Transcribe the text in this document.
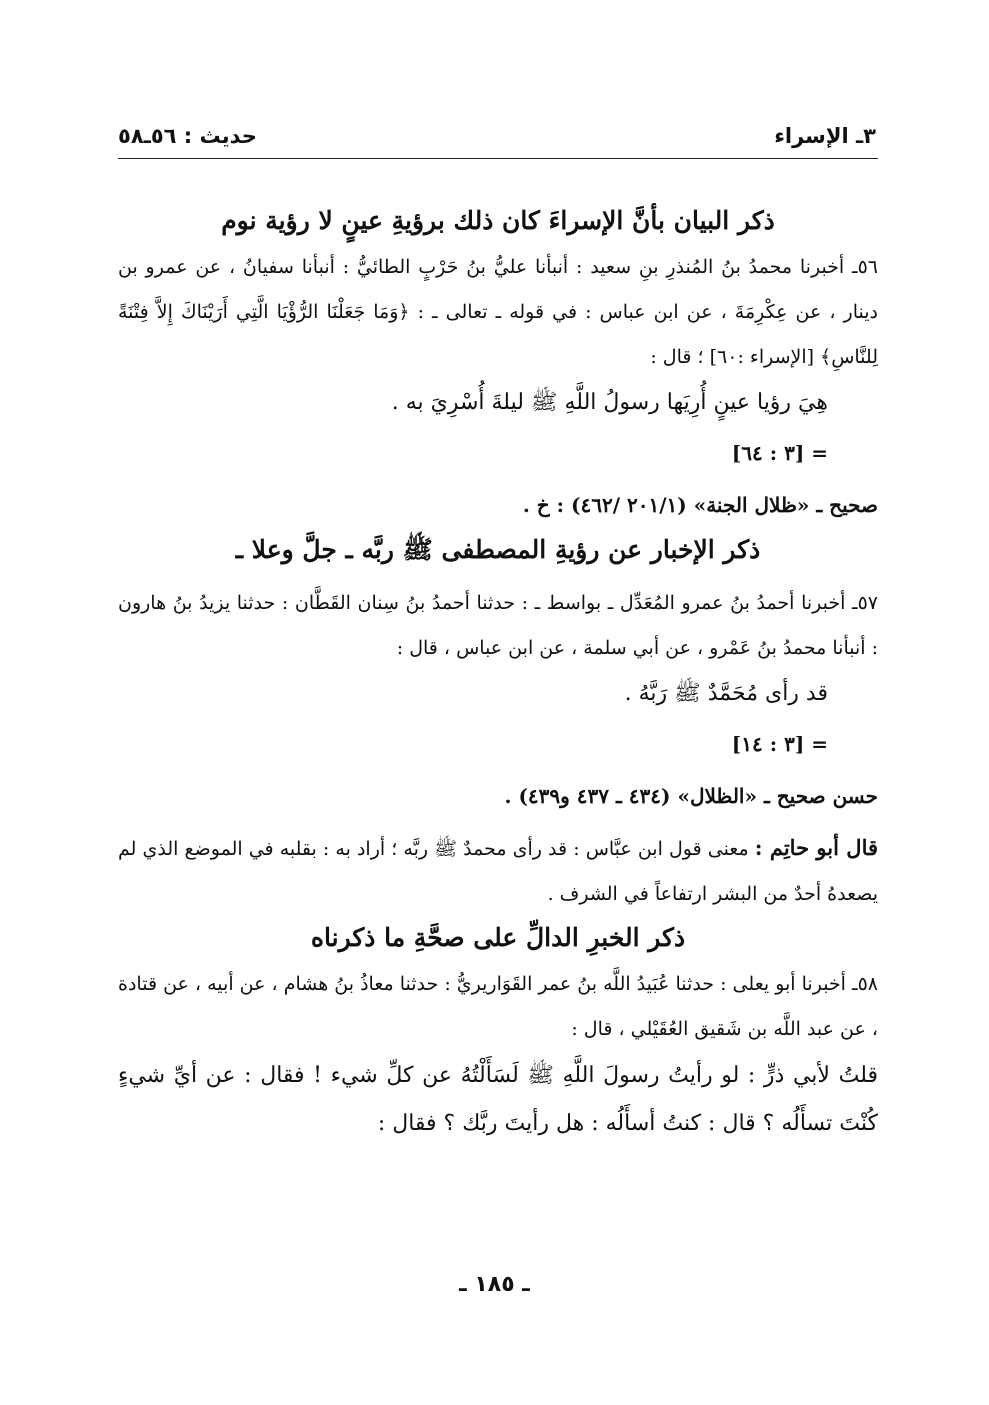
٣ـ الإسراء
حديث : ٥٦ـ٥٨
ذكر البيان بأنَّ الإسراءَ كان ذلك برؤيةِ عينٍ لا رؤية نوم

٥٦ـ أخبرنا محمدُ بنُ المُنذرِ بنِ سعيد : أنبأنا عليُّ بنُ حَرْبٍ الطائيُّ : أنبأنا سفيانُ ، عن عمرو بن دينار ، عن عِكْرِمَةَ ، عن ابن عباس : في قوله ـ تعالى ـ : ﴿وَمَا جَعَلْنَا الرُّؤْيَا الَّتِي أَرَيْنَاكَ إِلاَّ فِتْنَةً لِلنَّاسِ﴾ [الإسراء :٦٠] ؛ قال :

هِيَ رؤيا عينٍ أُرِيَها رسولُ اللَّهِ ﷺ ليلةَ أُسْرِيَ به .

= [٣ : ٦٤]
صحيح ـ «ظلال الجنة» (٢٠١/١ /٤٦٢) : خ .
ذكر الإخبار عن رؤيةِ المصطفى ﷺ ربَّه ـ جلَّ وعلا ـ

٥٧ـ أخبرنا أحمدُ بنُ عمرو المُعَدِّل ـ بواسط ـ : حدثنا أحمدُ بنُ سِنان القَطَّان : حدثنا يزيدُ بنُ هارون : أنبأنا محمدُ بنُ عَمْرو ، عن أبي سلمة ، عن ابن عباس ، قال :

قد رأى مُحَمَّدٌ ﷺ رَبَّهُ .

= [٣ : ١٤]
حسن صحيح ـ «الظلال» (٤٣٤ ـ ٤٣٧ و٤٣٩) .

قال أبو حاتِم : معنى قول ابن عبَّاس : قد رأى محمدٌ ﷺ ربَّه ؛ أراد به : بقلبه في الموضع الذي لم يصعدهُ أحدٌ من البشر ارتفاعاً في الشرف .

ذكر الخبرِ الدالِّ على صحَّةِ ما ذكرناه

٥٨ـ أخبرنا أبو يعلى : حدثنا عُبَيدُ اللَّه بنُ عمر القَوَاريريُّ : حدثنا معاذُ بنُ هشام ، عن أبيه ، عن قتادة ، عن عبد اللَّه بن شَقيق العُقَيْلي ، قال :

قلتُ لأبي ذرٍّ : لو رأيتُ رسولَ اللَّهِ ﷺ لَسَأَلْتُهُ عن كلِّ شيء ! فقال : عن أيِّ شيءٍ كُنْتَ تسأَلُه ؟ قال : كنتُ أسأَلُه : هل رأيتَ ربَّك ؟ فقال :

ـ ١٨٥ ـ
